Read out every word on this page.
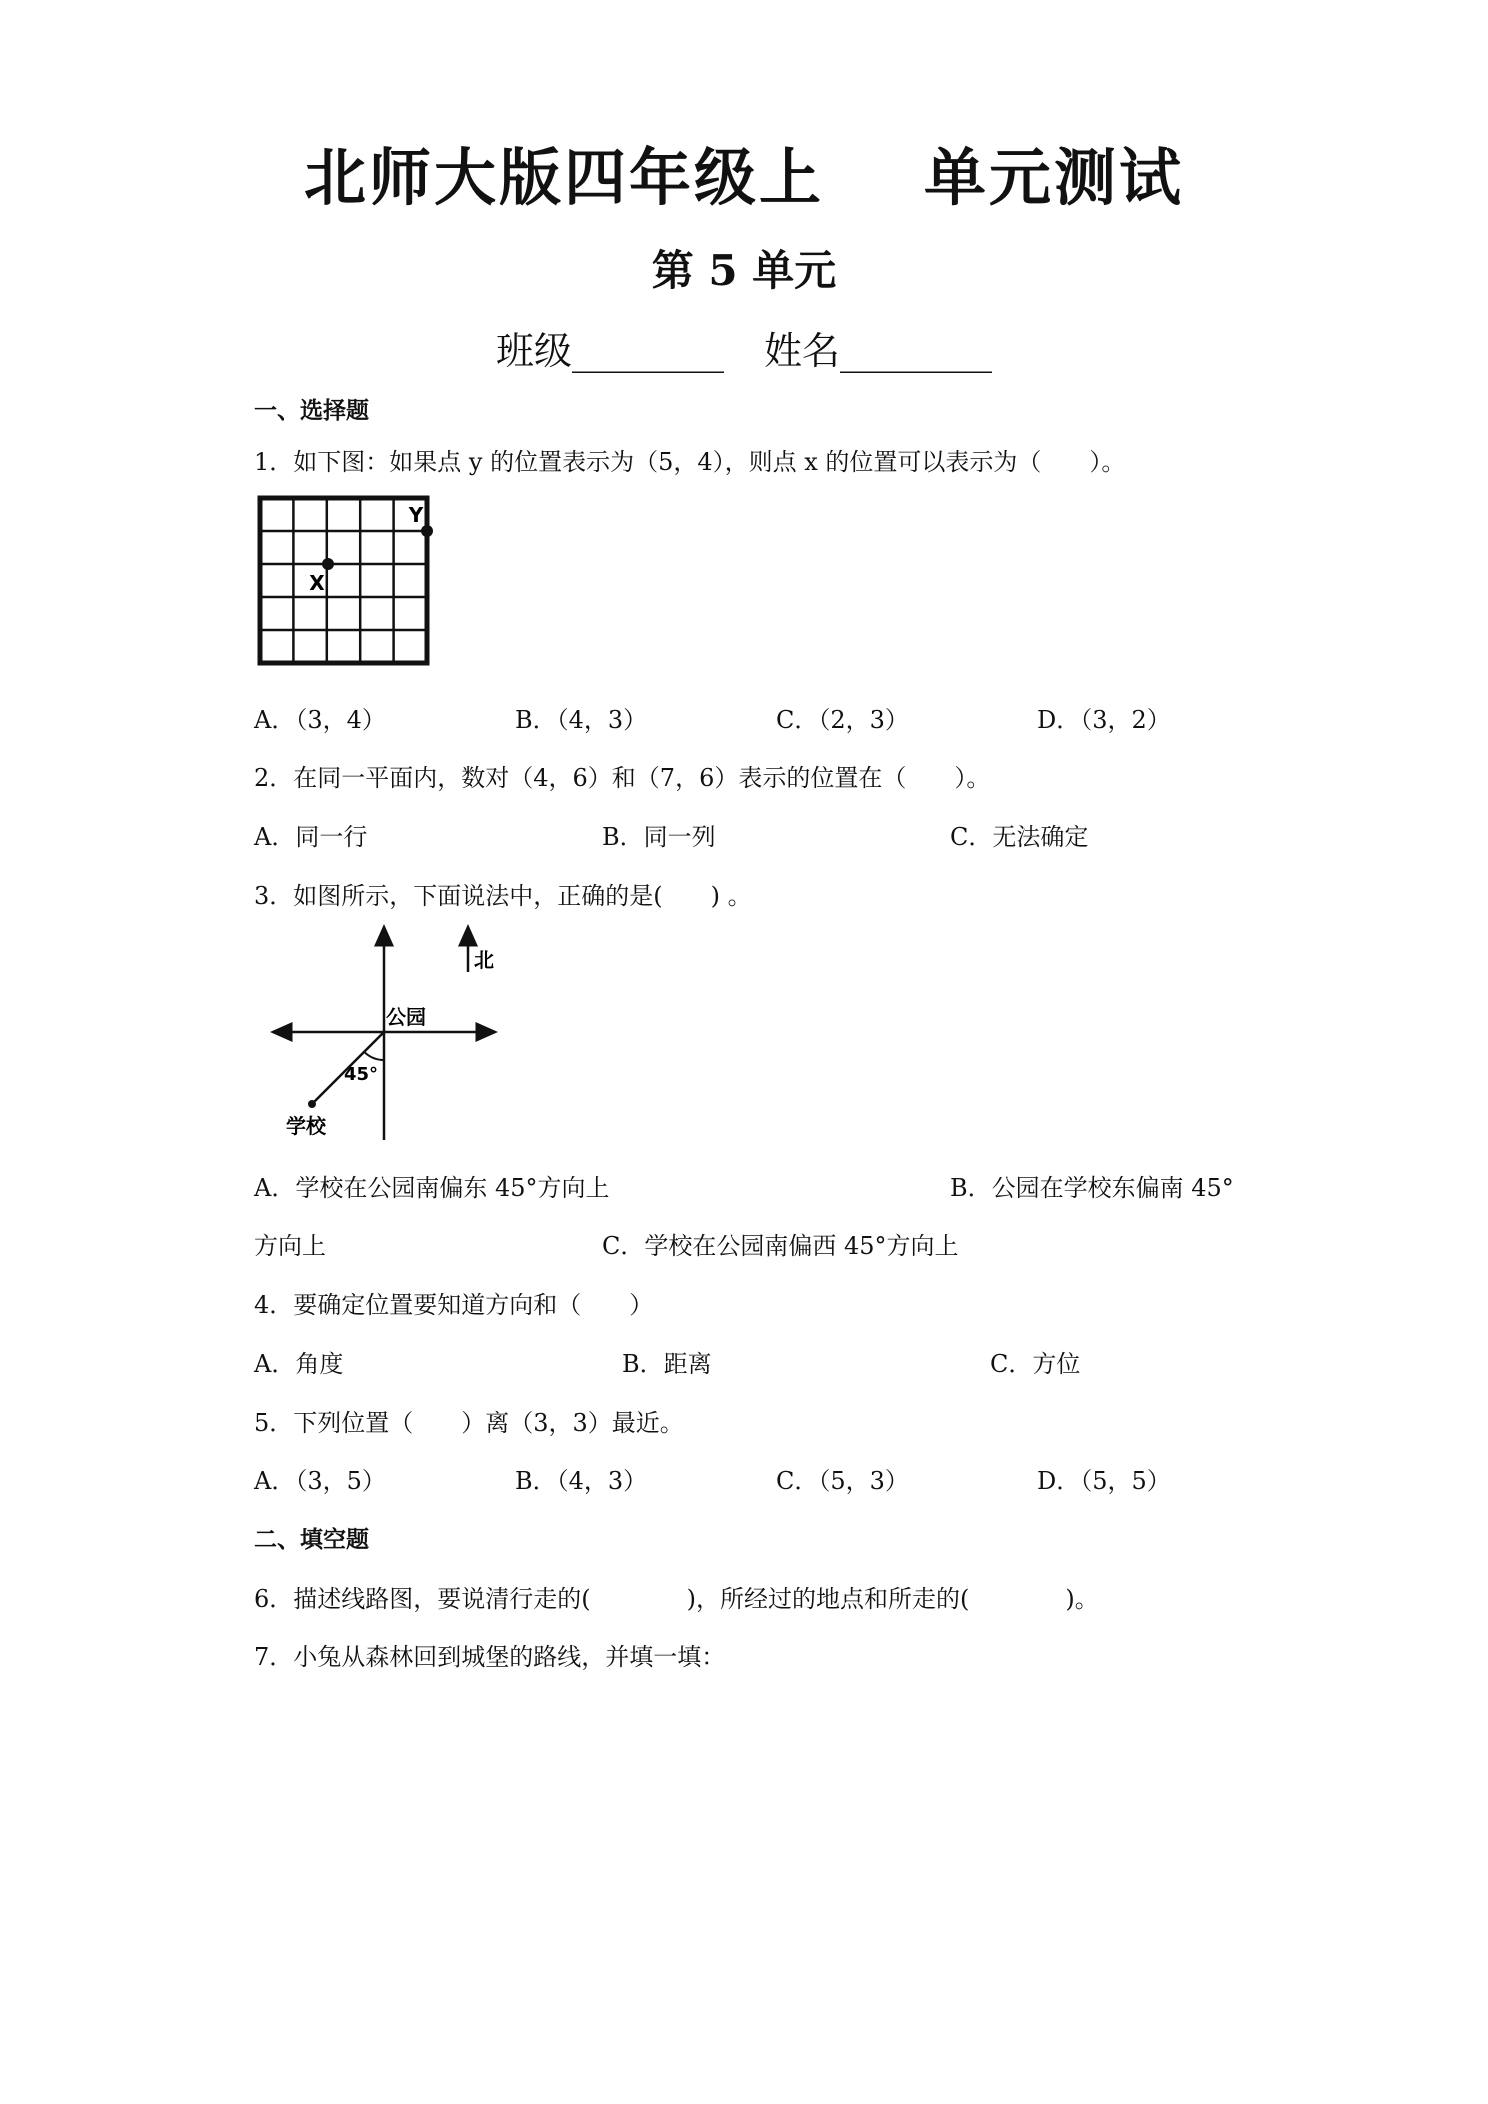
北师大版四年级上 单元测试
第 5 单元
班级________ 姓名________
一、选择题
1．如下图：如果点 y 的位置表示为（5，4），则点 x 的位置可以表示为（　　）。
Y
X
A．（3，4）	B．（4，3）	C．（2，3）	D．（3，2）
2．在同一平面内，数对（4，6）和（7，6）表示的位置在（　　）。
A．同一行	B．同一列	C．无法确定
3．如图所示，下面说法中，正确的是(　　) 。
北
公园
45°
学校
A．学校在公园南偏东 45°方向上	B．公园在学校东偏南 45°
方向上	C．学校在公园南偏西 45°方向上
4．要确定位置要知道方向和（　　）
A．角度	B．距离	C．方位
5．下列位置（　　）离（3，3）最近。
A．（3，5）	B．（4，3）	C．（5，3）	D．（5，5）
二、填空题
6．描述线路图，要说清行走的(　　　　)，所经过的地点和所走的(　　　　)。
7．小兔从森林回到城堡的路线，并填一填：
